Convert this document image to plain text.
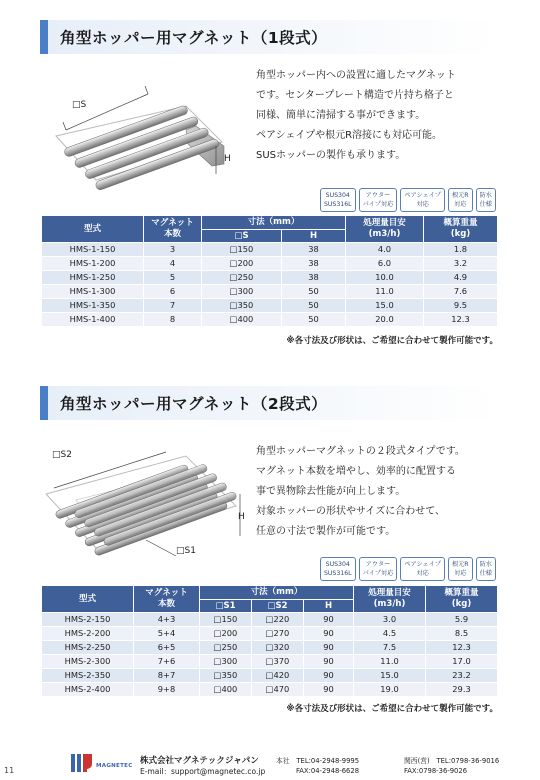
角型ホッパー用マグネット（1段式）
□S
H
角型ホッパー内への設置に適したマグネット
です。センタープレート構造で片持ち格子と
同様、簡単に清掃する事ができます。
ペアシェイプや根元R溶接にも対応可能。
SUSホッパーの製作も承ります。
SUS304
SUS316L
アウター
パイプ対応
ペアシェイプ
対応
根元R
対応
防水
仕様
型式	マグネット
本数	寸法（mm）		処理量目安
(m3/h)	概算重量
(kg)
		□S	H		
HMS-1-150	3	□150	38	4.0	1.8
HMS-1-200	4	□200	38	6.0	3.2
HMS-1-250	5	□250	38	10.0	4.9
HMS-1-300	6	□300	50	11.0	7.6
HMS-1-350	7	□350	50	15.0	9.5
HMS-1-400	8	□400	50	20.0	12.3
※各寸法及び形状は、ご希望に合わせて製作可能です。
角型ホッパー用マグネット（2段式）
□S2
H
□S1
角型ホッパーマグネットの２段式タイプです。
マグネット本数を増やし、効率的に配置する
事で異物除去性能が向上します。
対象ホッパーの形状やサイズに合わせて、
任意の寸法で製作が可能です。
SUS304
SUS316L
アウター
パイプ対応
ペアシェイプ
対応
根元R
対応
防水
仕様
型式	マグネット
本数	寸法（mm）			処理量目安
(m3/h)	概算重量
(kg)
		□S1	□S2	H		
HMS-2-150	4+3	□150	□220	90	3.0	5.9
HMS-2-200	5+4	□200	□270	90	4.5	8.5
HMS-2-250	6+5	□250	□320	90	7.5	12.3
HMS-2-300	7+6	□300	□370	90	11.0	17.0
HMS-2-350	8+7	□350	□420	90	15.0	23.2
HMS-2-400	9+8	□400	□470	90	19.0	29.3
※各寸法及び形状は、ご希望に合わせて製作可能です。
11	MAGNETEC 株式会社マグネテックジャパン
E-mail：support@magnetec.co.jp
本社　TEL:04-2948-9995
FAX:04-2948-6628
関西(営)　TEL:0798-36-9016
FAX:0798-36-9026
